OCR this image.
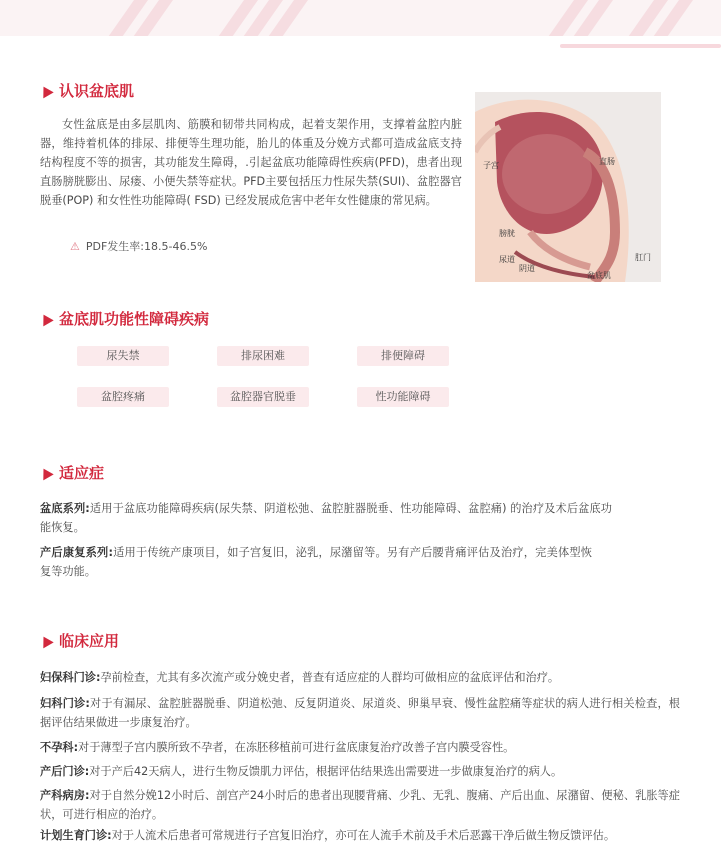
认识盆底肌

女性盆底是由多层肌肉、筋膜和韧带共同构成，起着支架作用，支撑着盆腔内脏器，维持着机体的排尿、排便等生理功能，胎儿的体重及分娩方式都可造成盆底支持结构程度不等的损害，其功能发生障碍，.引起盆底功能障碍性疾病(PFD)，患者出现直肠膀胱膨出、尿瘘、小便失禁等症状。PFD主要包括压力性尿失禁(SUI)、盆腔器官脱垂(POP) 和女性性功能障碍( FSD) 已经发展成危害中老年女性健康的常见病。

⚠ PDF发生率:18.5-46.5%
子宫	直肠
膀胱
尿道
阴道
肛门
盆底肌
盆底肌功能性障碍疾病
尿失禁	排尿困难	排便障碍
盆腔疼痛	盆腔器官脱垂	性功能障碍
适应症

盆底系列:适用于盆底功能障碍疾病(尿失禁、阴道松弛、盆腔脏器脱垂、性功能障碍、盆腔痛) 的治疗及术后盆底功能恢复。

产后康复系列:适用于传统产康项目，如子宫复旧，泌乳，尿潴留等。另有产后腰背痛评估及治疗，完美体型恢复等功能。

临床应用

妇保科门诊:孕前检查，尤其有多次流产或分娩史者，普查有适应症的人群均可做相应的盆底评估和治疗。

妇科门诊:对于有漏尿、盆腔脏器脱垂、阴道松弛、反复阴道炎、尿道炎、卵巢早衰、慢性盆腔痛等症状的病人进行相关检查，根据评估结果做进一步康复治疗。

不孕科:对于薄型子宫内膜所致不孕者，在冻胚移植前可进行盆底康复治疗改善子宫内膜受容性。

产后门诊:对于产后42天病人，进行生物反馈肌力评估，根据评估结果选出需要进一步做康复治疗的病人。

产科病房:对于自然分娩12小时后、剖宫产24小时后的患者出现腰背痛、少乳、无乳、腹痛、产后出血、尿潴留、便秘、乳胀等症状，可进行相应的治疗。

计划生育门诊:对于人流术后患者可常规进行子宫复旧治疗，亦可在人流手术前及手术后恶露干净后做生物反馈评估。
